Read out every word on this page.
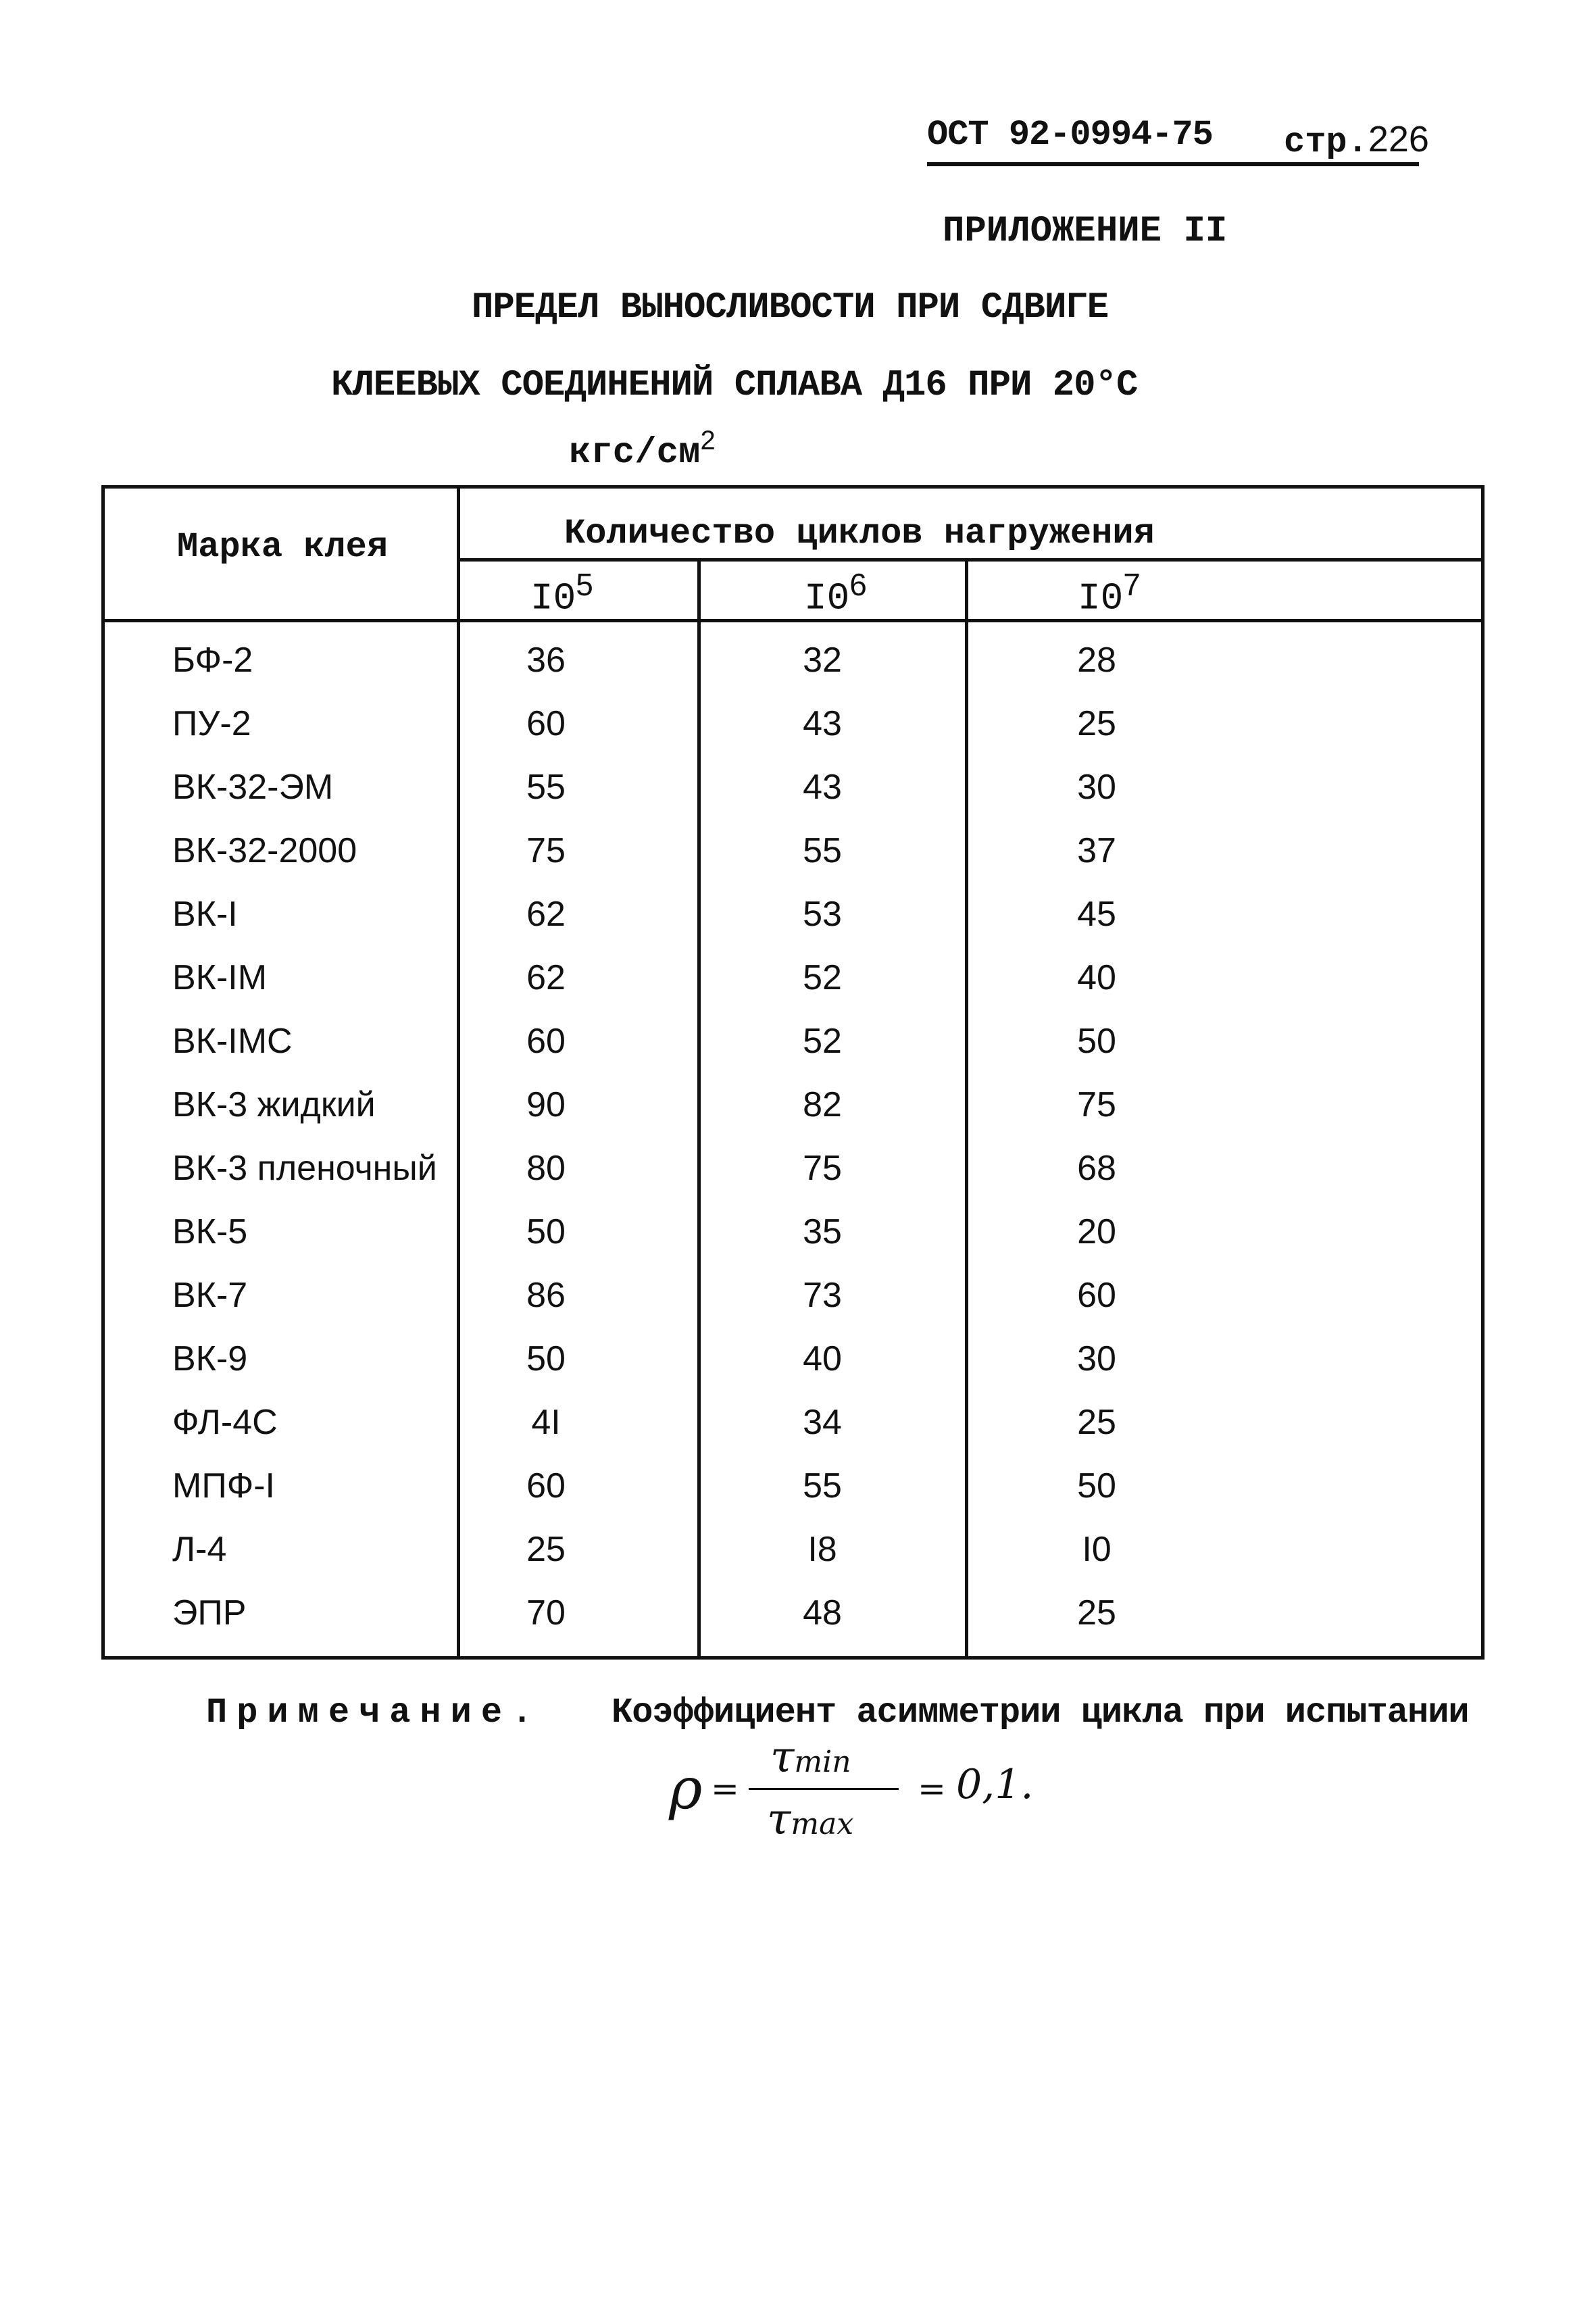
ОСТ 92-0994-75 стр.226
ПРИЛОЖЕНИЕ II
ПРЕДЕЛ ВЫНОСЛИВОСТИ ПРИ СДВИГЕ
КЛЕЕВЫХ СОЕДИНЕНИЙ СПЛАВА Д16 ПРИ 20°С
кгс/$см^2$
Марка клея	Количество циклов нагружения
$I0^5$	$I0^6$	$I0^7$
БФ-2	36	32	28
ПУ-2	60	43	25
ВК-32-ЭМ	55	43	30
ВК-32-2000	75	55	37
ВК-I	62	53	45
ВК-IМ	62	52	40
ВК-IМС	60	52	50
ВК-3 жидкий	90	82	75
ВК-3 пленочный	80	75	68
ВК-5	50	35	20
ВК-7	86	73	60
ВК-9	50	40	30
ФЛ-4С	4I	34	25
МПФ-I	60	55	50
Л-4	25	I8	I0
ЭПР	70	48	25
Примечание. Коэффициент асимметрии цикла при испытании
ρ =
τmin
τmax
= 0,1.
